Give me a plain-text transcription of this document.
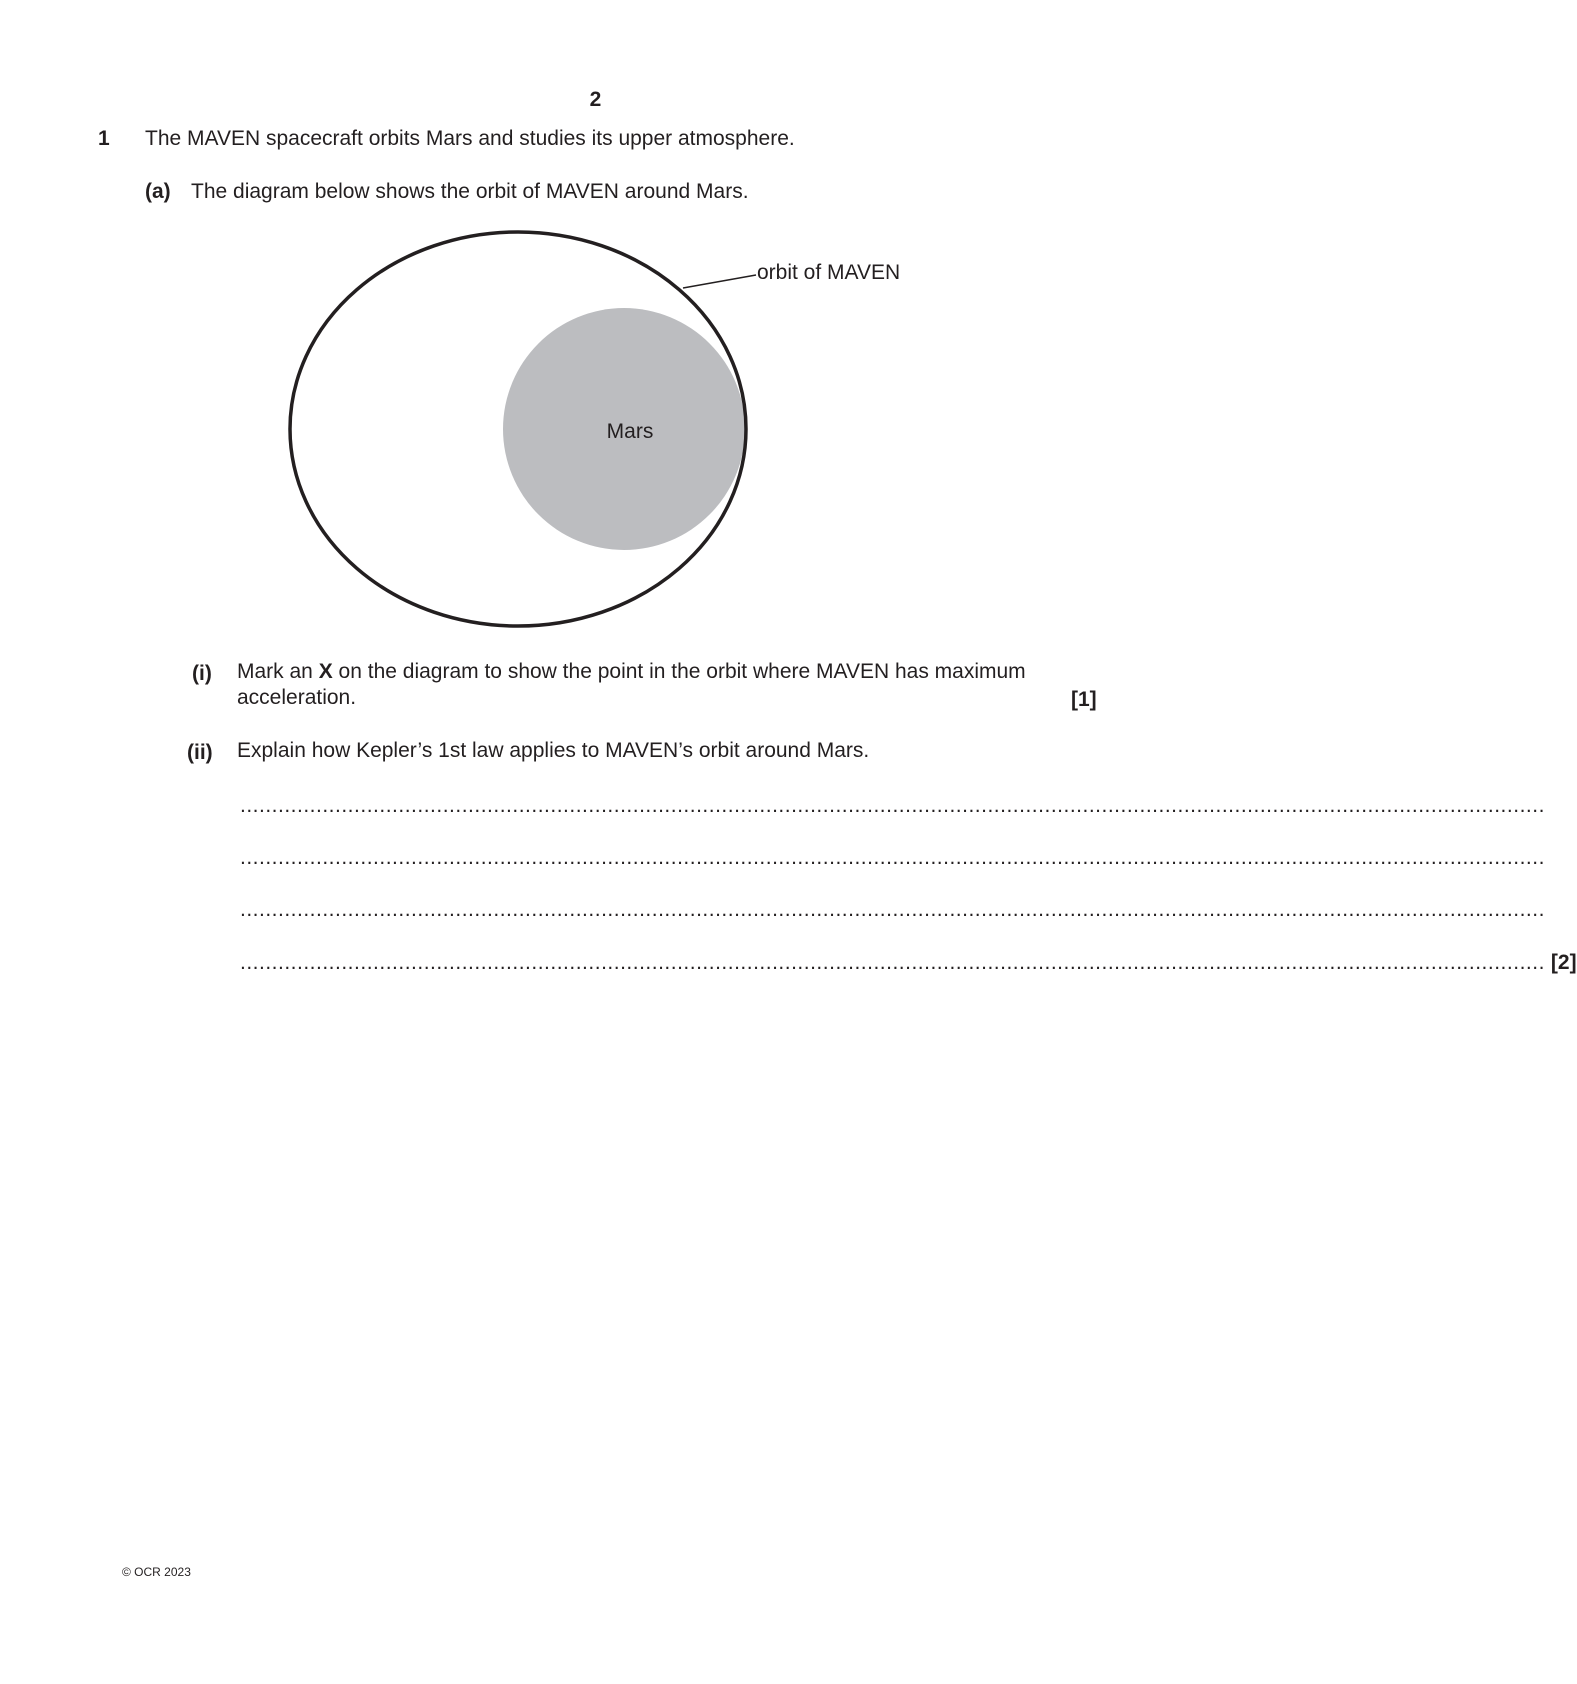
2
1 The MAVEN spacecraft orbits Mars and studies its upper atmosphere.
(a) The diagram below shows the orbit of MAVEN around Mars.
orbit of MAVEN
Mars
(i) Mark an X on the diagram to show the point in the orbit where MAVEN has maximum
acceleration.	[1]
(ii) Explain how Kepler’s 1st law applies to MAVEN’s orbit around Mars.
..............................................................................................................................................................................................................
..............................................................................................................................................................................................................
..............................................................................................................................................................................................................
.............................................................................................................................................................................................................. [2]
© OCR 2023
